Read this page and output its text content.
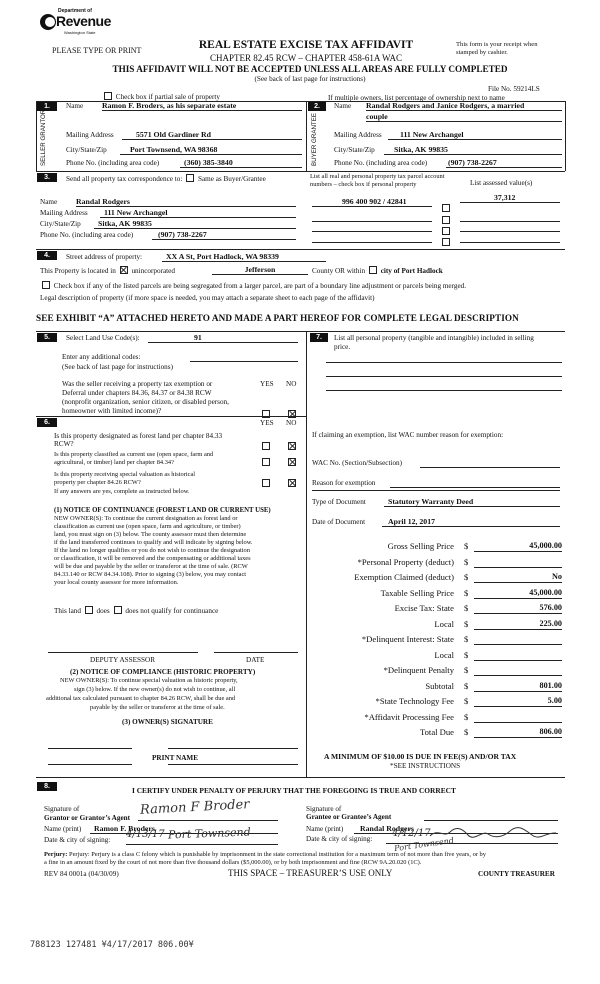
Department of
Revenue
Washington State
PLEASE TYPE OR PRINT	REAL ESTATE EXCISE TAX AFFIDAVIT
CHAPTER 82.45 RCW – CHAPTER 458-61A WAC
This form is your receipt when stamped by cashier.
THIS AFFIDAVIT WILL NOT BE ACCEPTED UNLESS ALL AREAS ARE FULLY COMPLETED
(See back of last page for instructions)
File No. 59214LS
Check box if partial sale of property	If multiple owners, list percentage of ownership next to name
1.
SELLER GRANTOR
Name Ramon F. Broders, as his separate estate
Mailing Address	5571 Old Gardiner Rd
City/State/Zip	Port Townsend, WA 98368
Phone No. (including area code)	(360) 385-3840
2.
BUYER GRANTEE
Name Randal Rodgers and Janice Rodgers, a married
couple
Mailing Address	111 New Archangel
City/State/Zip	Sitka, AK 99835
Phone No. (including area code)	(907) 738-2267
3.	Send all property tax correspondence to: Same as Buyer/Grantee	List all real and personal property tax parcel account numbers – check box if personal property	List assessed value(s)
Name Randal Rodgers
Mailing Address	111 New Archangel
City/State/Zip	Sitka, AK 99835
Phone No. (including area code)	(907) 738-2267
996 400 902 / 42841	37,312
4.	Street address of property:	XX A St, Port Hadlock, WA 98339
This Property is located in unincorporated	Jefferson	County OR within city of Port Hadlock
Check box if any of the listed parcels are being segregated from a larger parcel, are part of a boundary line adjustment or parcels being merged.
Legal description of property (if more space is needed, you may attach a separate sheet to each page of the affidavit)
SEE EXHIBIT “A” ATTACHED HERETO AND MADE A PART HEREOF FOR COMPLETE LEGAL DESCRIPTION
5.	Select Land Use Code(s):	91
Enter any additional codes:
(See back of last page for instructions)
YES NO
Was the seller receiving a property tax exemption or
Deferral under chapters 84.36, 84.37 or 84.38 RCW
(nonprofit organization, senior citizen, or disabled person,
homeowner with limited income)?
6.	YES NO
Is this property designated as forest land per chapter 84.33
RCW?
Is this property classified as current use (open space, farm and
agricultural, or timber) land per chapter 84.34?
Is this property receiving special valuation as historical
property per chapter 84.26 RCW?
If any answers are yes, complete as instructed below.
(1) NOTICE OF CONTINUANCE (FOREST LAND OR CURRENT USE)
NEW OWNER(S): To continue the current designation as forest land or
classification as current use (open space, farm and agriculture, or timber)
land, you must sign on (3) below. The county assessor must then determine
if the land transferred continues to qualify and will indicate by signing below.
If the land no longer qualifies or you do not wish to continue the designation
or classification, it will be removed and the compensating or additional taxes
will be due and payable by the seller or transferor at the time of sale. (RCW
84.33.140 or RCW 84.34.108). Prior to signing (3) below, you may contact
your local county assessor for more information.
This land does does not qualify for continuance
DEPUTY ASSESSOR	DATE
(2) NOTICE OF COMPLIANCE (HISTORIC PROPERTY)
NEW OWNER(S): To continue special valuation as historic property,
sign (3) below. If the new owner(s) do not wish to continue, all
additional tax calculated pursuant to chapter 84.26 RCW, shall be due and
payable by the seller or transferor at the time of sale.
(3) OWNER(S) SIGNATURE
PRINT NAME
7.	List all personal property (tangible and intangible) included in selling
price.
If claiming an exemption, list WAC number reason for exemption:
WAC No. (Section/Subsection)
Reason for exemption
Type of Document	Statutory Warranty Deed
Date of Document	April 12, 2017
Gross Selling Price $	45,000.00
*Personal Property (deduct) $
Exemption Claimed (deduct) $	No
Taxable Selling Price $	45,000.00
Excise Tax: State $	576.00
Local $	225.00
*Delinquent Interest: State $
Local $
*Delinquent Penalty $
Subtotal $	801.00
*State Technology Fee $	5.00
*Affidavit Processing Fee $
Total Due $	806.00
A MINIMUM OF $10.00 IS DUE IN FEE(S) AND/OR TAX
*SEE INSTRUCTIONS
8.	I CERTIFY UNDER PENALTY OF PERJURY THAT THE FOREGOING IS TRUE AND CORRECT
Signature of
Grantor or Grantor’s Agent
Ramon F Broder
Name (print)	Ramon F. Broders
Date & city of signing: 4/13/17 Port Townsend
Signature of
Grantee or Grantee’s Agent
Name (print)	Randal Rodgers
Date & city of signing: 4/12/17
Port Townsend
Perjury: Perjury: Perjury is a class C felony which is punishable by imprisonment in the state correctional institution for a maximum term of not more than five years, or by
a fine in an amount fixed by the court of not more than five thousand dollars ($5,000.00), or by both imprisonment and fine (RCW 9A.20.020 (1C).
REV 84 0001a (04/30/09)	THIS SPACE – TREASURER’S USE ONLY	COUNTY TREASURER
788123 127481 ¥4/17/2017 806.00¥
